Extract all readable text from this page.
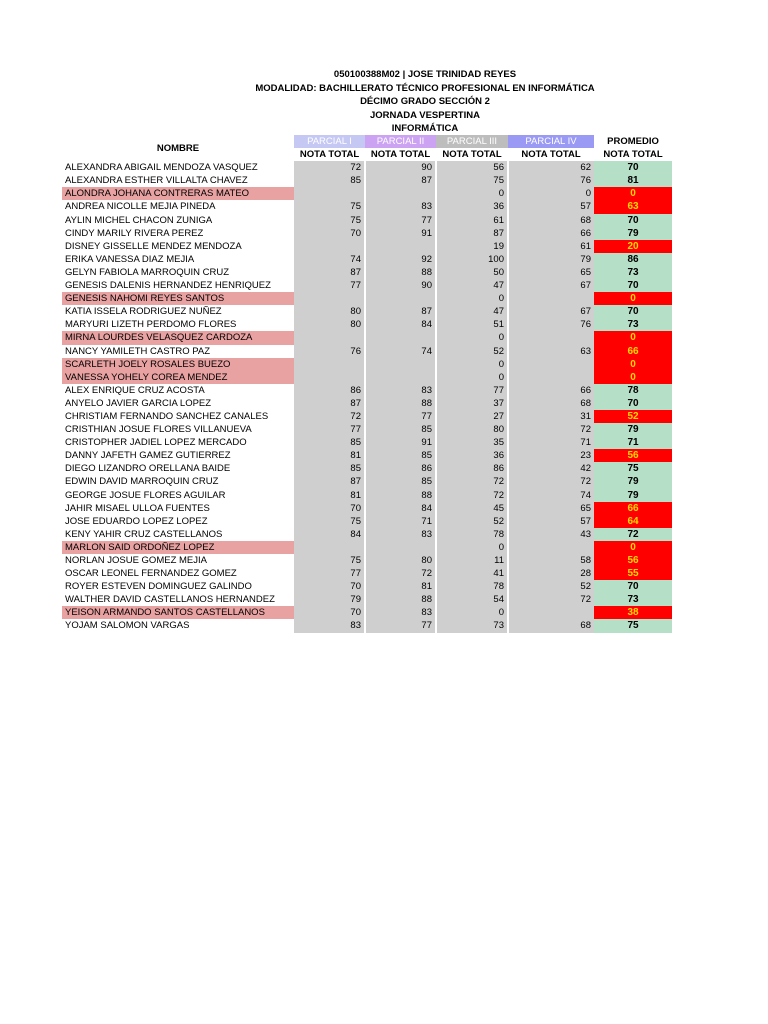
050100388M02 | JOSE TRINIDAD REYES
MODALIDAD: BACHILLERATO TÉCNICO PROFESIONAL EN INFORMÁTICA
DÉCIMO GRADO SECCIÓN 2
JORNADA VESPERTINA
INFORMÁTICA
NOMBRE	PARCIAL I	PARCIAL II	PARCIAL III	PARCIAL IV	PROMEDIO
	NOTA TOTAL	NOTA TOTAL	NOTA TOTAL	NOTA TOTAL	NOTA TOTAL
ALEXANDRA ABIGAIL MENDOZA VASQUEZ	72	90	56	62	70
ALEXANDRA ESTHER VILLALTA CHAVEZ	85	87	75	76	81
ALONDRA JOHANA CONTRERAS MATEO			0	0	0
ANDREA NICOLLE MEJIA PINEDA	75	83	36	57	63
AYLIN MICHEL CHACON ZUNIGA	75	77	61	68	70
CINDY MARILY RIVERA PEREZ	70	91	87	66	79
DISNEY GISSELLE MENDEZ MENDOZA			19	61	20
ERIKA VANESSA DIAZ MEJIA	74	92	100	79	86
GELYN FABIOLA MARROQUIN CRUZ	87	88	50	65	73
GENESIS DALENIS HERNANDEZ HENRIQUEZ	77	90	47	67	70
GENESIS NAHOMI REYES SANTOS			0		0
KATIA ISSELA RODRIGUEZ NUÑEZ	80	87	47	67	70
MARYURI LIZETH PERDOMO FLORES	80	84	51	76	73
MIRNA LOURDES VELASQUEZ CARDOZA			0		0
NANCY YAMILETH CASTRO PAZ	76	74	52	63	66
SCARLETH JOELY ROSALES BUEZO			0		0
VANESSA YOHELY COREA MENDEZ			0		0
ALEX ENRIQUE CRUZ ACOSTA	86	83	77	66	78
ANYELO JAVIER GARCIA LOPEZ	87	88	37	68	70
CHRISTIAM FERNANDO SANCHEZ CANALES	72	77	27	31	52
CRISTHIAN JOSUE FLORES VILLANUEVA	77	85	80	72	79
CRISTOPHER JADIEL LOPEZ MERCADO	85	91	35	71	71
DANNY JAFETH GAMEZ GUTIERREZ	81	85	36	23	56
DIEGO LIZANDRO ORELLANA BAIDE	85	86	86	42	75
EDWIN DAVID MARROQUIN CRUZ	87	85	72	72	79
GEORGE JOSUE FLORES AGUILAR	81	88	72	74	79
JAHIR MISAEL ULLOA FUENTES	70	84	45	65	66
JOSE EDUARDO LOPEZ LOPEZ	75	71	52	57	64
KENY YAHIR CRUZ CASTELLANOS	84	83	78	43	72
MARLON SAID ORDOÑEZ LOPEZ			0		0
NORLAN JOSUE GOMEZ MEJIA	75	80	11	58	56
OSCAR LEONEL FERNANDEZ GOMEZ	77	72	41	28	55
ROYER ESTEVEN DOMINGUEZ GALINDO	70	81	78	52	70
WALTHER DAVID CASTELLANOS HERNANDEZ	79	88	54	72	73
YEISON ARMANDO SANTOS CASTELLANOS	70	83	0		38
YOJAM SALOMON VARGAS	83	77	73	68	75
